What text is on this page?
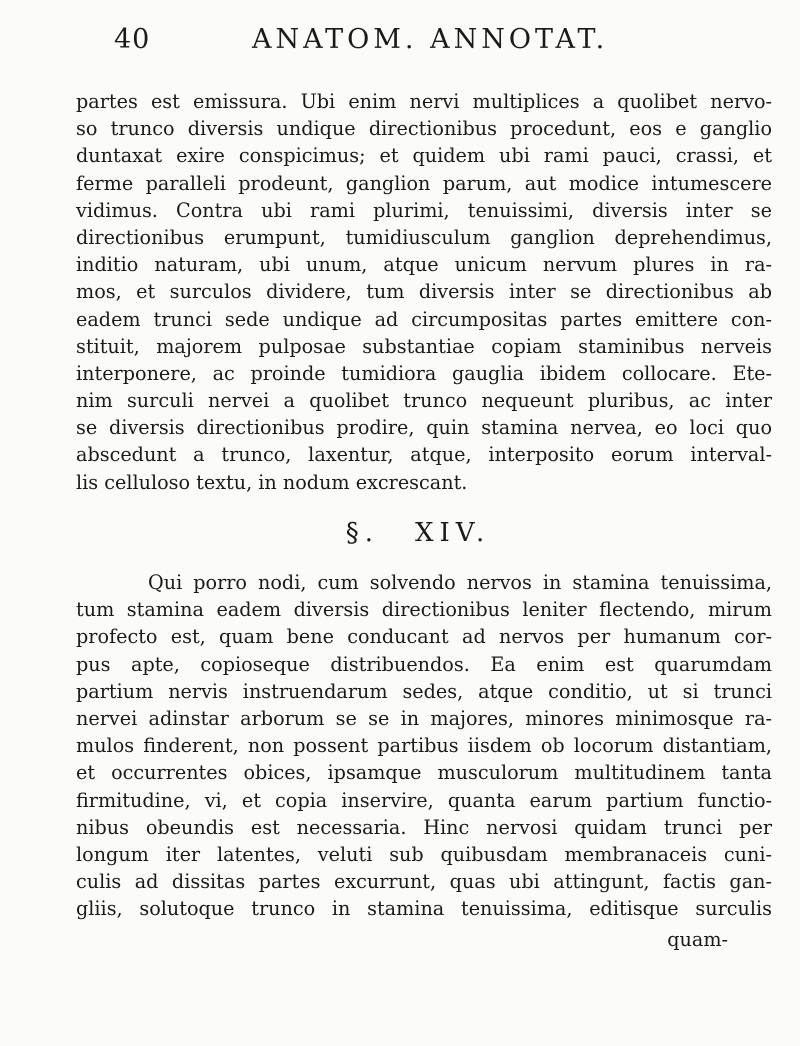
40	ANATOM. ANNOTAT.
partes est emissura. Ubi enim nervi multiplices a quolibet nervo-
so trunco diversis undique directionibus procedunt, eos e ganglio
duntaxat exire conspicimus; et quidem ubi rami pauci, crassi, et
ferme paralleli prodeunt, ganglion parum, aut modice intumescere
vidimus. Contra ubi rami plurimi, tenuissimi, diversis inter se
directionibus erumpunt, tumidiusculum ganglion deprehendimus,
inditio naturam, ubi unum, atque unicum nervum plures in ra-
mos, et surculos dividere, tum diversis inter se directionibus ab
eadem trunci sede undique ad circumpositas partes emittere con-
stituit, majorem pulposae substantiae copiam staminibus nerveis
interponere, ac proinde tumidiora gauglia ibidem collocare. Ete-
nim surculi nervei a quolibet trunco nequeunt pluribus, ac inter
se diversis directionibus prodire, quin stamina nervea, eo loci quo
abscedunt a trunco, laxentur, atque, interposito eorum interval-
lis celluloso textu, in nodum excrescant.
§. XIV.
Qui porro nodi, cum solvendo nervos in stamina tenuissima,
tum stamina eadem diversis directionibus leniter flectendo, mirum
profecto est, quam bene conducant ad nervos per humanum cor-
pus apte, copioseque distribuendos. Ea enim est quarumdam
partium nervis instruendarum sedes, atque conditio, ut si trunci
nervei adinstar arborum se se in majores, minores minimosque ra-
mulos finderent, non possent partibus iisdem ob locorum distantiam,
et occurrentes obices, ipsamque musculorum multitudinem tanta
firmitudine, vi, et copia inservire, quanta earum partium functio-
nibus obeundis est necessaria. Hinc nervosi quidam trunci per
longum iter latentes, veluti sub quibusdam membranaceis cuni-
culis ad dissitas partes excurrunt, quas ubi attingunt, factis gan-
gliis, solutoque trunco in stamina tenuissima, editisque surculis
quam-
